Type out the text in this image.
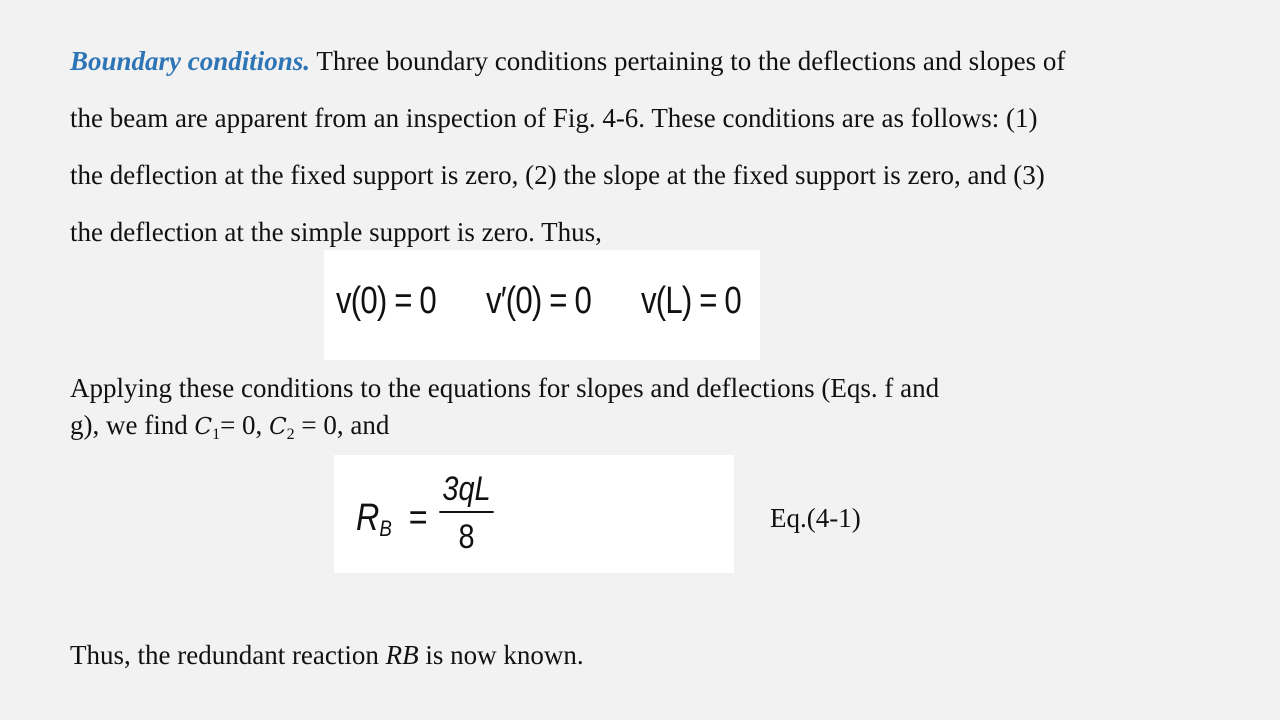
Boundary conditions. Three boundary conditions pertaining to the deflections and slopes of
the beam are apparent from an inspection of Fig. 4-6. These conditions are as follows: (1)
the deflection at the fixed support is zero, (2) the slope at the fixed support is zero, and (3)
the deflection at the simple support is zero. Thus,
v(0) = 0 v′(0) = 0 v(L) = 0
Applying these conditions to the equations for slopes and deflections (Eqs. f and
g), we find $C_1= 0$, $C_2 = 0$, and
RB =
3qL
8	Eq.(4-1)
Thus, the redundant reaction RB is now known.
